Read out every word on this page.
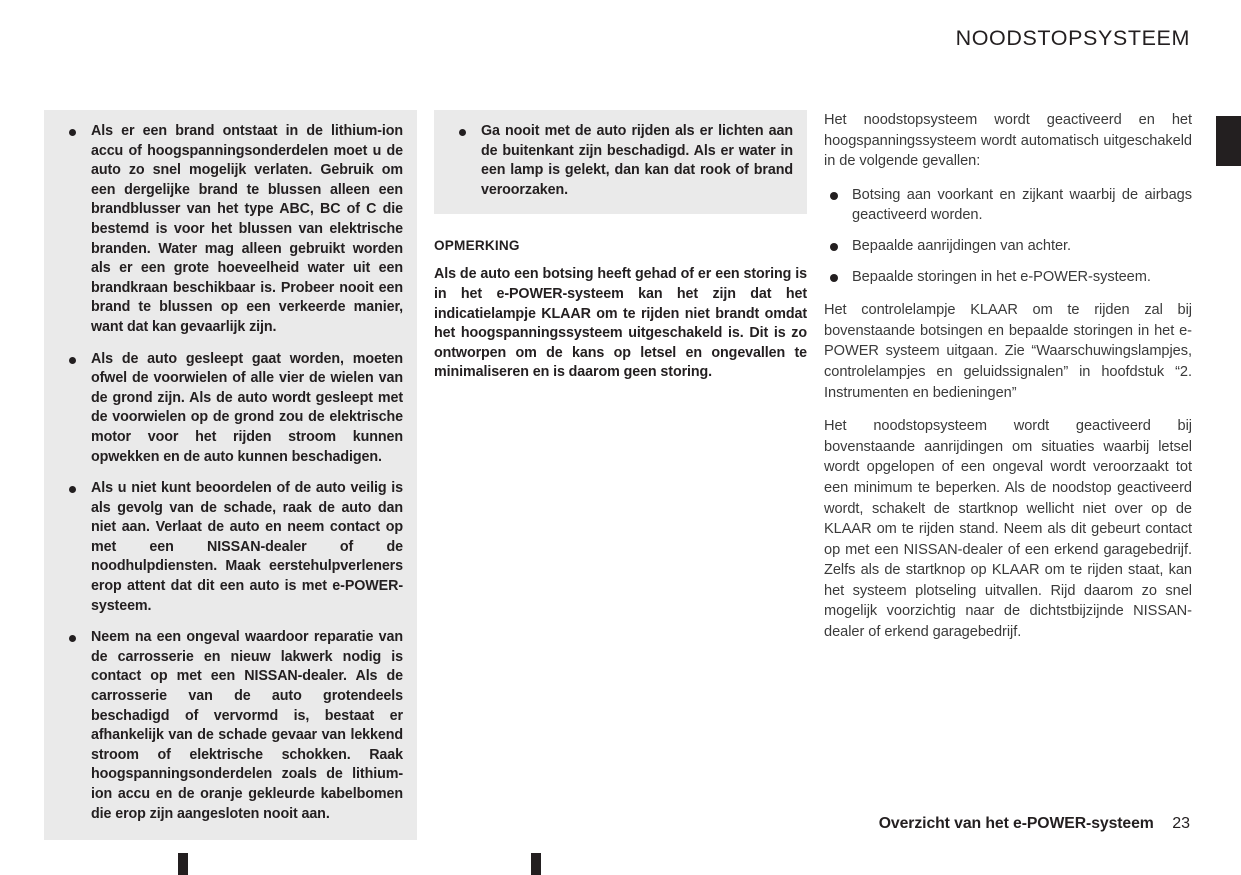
NOODSTOPSYSTEEM
Als er een brand ontstaat in de lithium-ion accu of hoogspanningsonderdelen moet u de auto zo snel mogelijk verlaten. Gebruik om een dergelijke brand te blussen alleen een brandblusser van het type ABC, BC of C die bestemd is voor het blussen van elektrische branden. Water mag alleen gebruikt worden als er een grote hoeveelheid water uit een brandkraan beschikbaar is. Probeer nooit een brand te blussen op een verkeerde manier, want dat kan gevaarlijk zijn.
Als de auto gesleept gaat worden, moeten ofwel de voorwielen of alle vier de wielen van de grond zijn. Als de auto wordt gesleept met de voorwielen op de grond zou de elektrische motor voor het rijden stroom kunnen opwekken en de auto kunnen beschadigen.
Als u niet kunt beoordelen of de auto veilig is als gevolg van de schade, raak de auto dan niet aan. Verlaat de auto en neem contact op met een NISSAN-dealer of de noodhulpdiensten. Maak eerstehulpverleners erop attent dat dit een auto is met e-POWER-systeem.
Neem na een ongeval waardoor reparatie van de carrosserie en nieuw lakwerk nodig is contact op met een NISSAN-dealer. Als de carrosserie van de auto grotendeels beschadigd of vervormd is, bestaat er afhankelijk van de schade gevaar van lekkend stroom of elektrische schokken. Raak hoogspanningsonderdelen zoals de lithium-ion accu en de oranje gekleurde kabelbomen die erop zijn aangesloten nooit aan.
Ga nooit met de auto rijden als er lichten aan de buitenkant zijn beschadigd. Als er water in een lamp is gelekt, dan kan dat rook of brand veroorzaken.
OPMERKING
Als de auto een botsing heeft gehad of er een storing is in het e-POWER-systeem kan het zijn dat het indicatielampje KLAAR om te rijden niet brandt omdat het hoogspanningssysteem uitgeschakeld is. Dit is zo ontworpen om de kans op letsel en ongevallen te minimaliseren en is daarom geen storing.

Het noodstopsysteem wordt geactiveerd en het hoogspanningssysteem wordt automatisch uitgeschakeld in de volgende gevallen:

Botsing aan voorkant en zijkant waarbij de airbags geactiveerd worden.
Bepaalde aanrijdingen van achter.
Bepaalde storingen in het e-POWER-systeem.

Het controlelampje KLAAR om te rijden zal bij bovenstaande botsingen en bepaalde storingen in het e-POWER systeem uitgaan. Zie “Waarschuwingslampjes, controlelampjes en geluidssignalen” in hoofdstuk “2. Instrumenten en bedieningen”

Het noodstopsysteem wordt geactiveerd bij bovenstaande aanrijdingen om situaties waarbij letsel wordt opgelopen of een ongeval wordt veroorzaakt tot een minimum te beperken. Als de noodstop geactiveerd wordt, schakelt de startknop wellicht niet over op de KLAAR om te rijden stand. Neem als dit gebeurt contact op met een NISSAN-dealer of een erkend garagebedrijf. Zelfs als de startknop op KLAAR om te rijden staat, kan het systeem plotseling uitvallen. Rijd daarom zo snel mogelijk voorzichtig naar de dichtstbijzijnde NISSAN-dealer of erkend garagebedrijf.

Overzicht van het e-POWER-systeem 23
